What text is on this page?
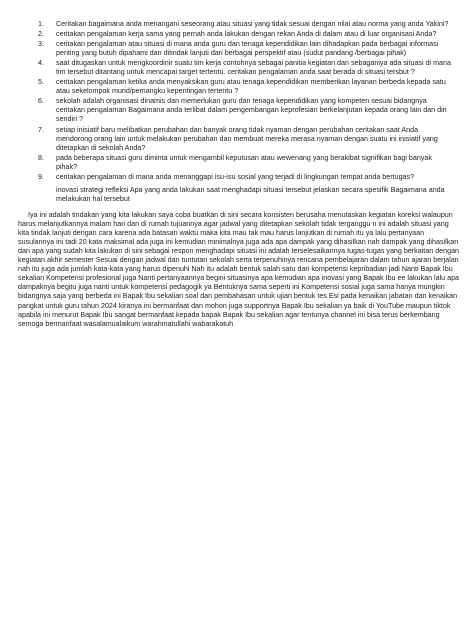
1. Ceritakan bagaimana anda menangani seseorang atau situasi yang tidak sesuai dengan nilai atau norma yang anda Yakini?
2. ceritakan pengalaman kerja sama yang pernah anda lakukan dengan rekan Anda di dalam atau di luar organisasi Anda?
3. ceritakan pengalaman atau situasi di mana anda guru dan tenaga kependidikan lain dihadapkan pada berbagai informasi penting yang butuh dipahami dan ditindak lanjuti dari berbagai perspektif atau (sudut pandang /berbagai pihak)
4. saat ditugaskan untuk mengkoordinir suatu tim kerja contohnya sebagai panitia kegiatan dan sebaganiya ada situasi di mana tim tersebut ditantang untuk mencapai target tertentu. ceritakan pengalaman anda saat berada di situasi tersbut ?
5. ceritakan pengalaman ketika anda menyaksikan guru atau tenaga kependidikan memberikan layanan berbeda kepada satu atau sekelompok murid/pemangku kepentingan tertentu ?
6. sekolah adalah organisasi dinamis dan memerlukan guru dan tenaga kependidikan yang kompeten sesuai bidangnya ceritakan pengalaman Bagaimana anda terlibat dalam pengembangan keprofesian berkelanjutan kepada orang lain dan diri sendiri ?
7. setiap inisiatif baru melibatkan perubahan dan banyak orang tidak nyaman dengan perubahan ceritakan saat Anda mendorong orang lain untuk melakukan perubahan dan membuat mereka merasa nyaman dengan suatu ini inisiatif yang ditetapkan di sekolah Anda?
8. pada beberapa situasi guru diminta untuk mengambil keputusan atau wewenang yang berakibat signifikan bagi banyak pihak?
9. ceritakan pengalaman di mana anda menanggapi isu-isu sosial yang terjadi di lingkungan tempat anda bertugas?

inovasi strategi refleksi Apa yang anda lakukan saat menghadapi situasi tersebut jelaskan secara spesifik Bagaimana anda melakukan hal tersebut

Iya ini adalah tindakan yang kita lakukan saya coba buatkan di sini secara konsisten berusaha menutaskan kegiatan koreksi walaupun harus melanjutkannya malam hari dan di rumah tujuannya agar jadwal yang ditetapkan sekolah tidak terganggu n ini adalah situasi yang kita tindak lanjuti dengan cara karena ada batasan waktu maka kita mau tak mau harus lanjutkan di rumah itu ya lalu pertanyaan susulannya ini tadi 20 kata maksimal ada juga ini kemudian minimalnya juga ada apa dampak yang dihasilkan nah dampak yang dihasilkan dari apa yang sudah kita lakukan di sini sebagai respon menghadapi situasi ini adalah terselesaikannya tugas-tugas yang berkaitan dengan kegiatan akhir semester Sesuai dengan jadwal dan tuntutan sekolah serta terpenuhinya rencana pembelajaran dalam tahun ajaran berjalan nah itu juga ada jumlah kata-kata yang harus dipenuhi Nah itu adalah bentuk salah satu dari kompetensi kepribadian jadi Nanti Bapak Ibu sekalian Kompetensi profesional juga Nanti pertanyaannya begini situasinya apa kemudian apa inovasi yang Bapak Ibu ee lakukan lalu apa dampaknya begitu juga nanti untuk kompetensi pedagogik ya Bentuknya sama seperti ini Kompetensi sosial juga sama hanya mungkin bidangnya saja yang berbeda ini Bapak Ibu sekalian soal dan pembahasan untuk ujian bentuk tes Esi pada kenaikan jabatan dan kenaikan pangkat untuk guru tahun 2024 kiranya ini bermanfaat dan mohon juga supportnya Bapak Ibu sekalian ya baik di YouTube maupun tiktok apabila ini menurut Bapak Ibu sangat bermanfaat kepada bapak Bapak Ibu sekalian agar tentunya channel ini bisa terus berkembang semoga bermanfaat wasalamualaikum warahmatullahi wabarakatuh
